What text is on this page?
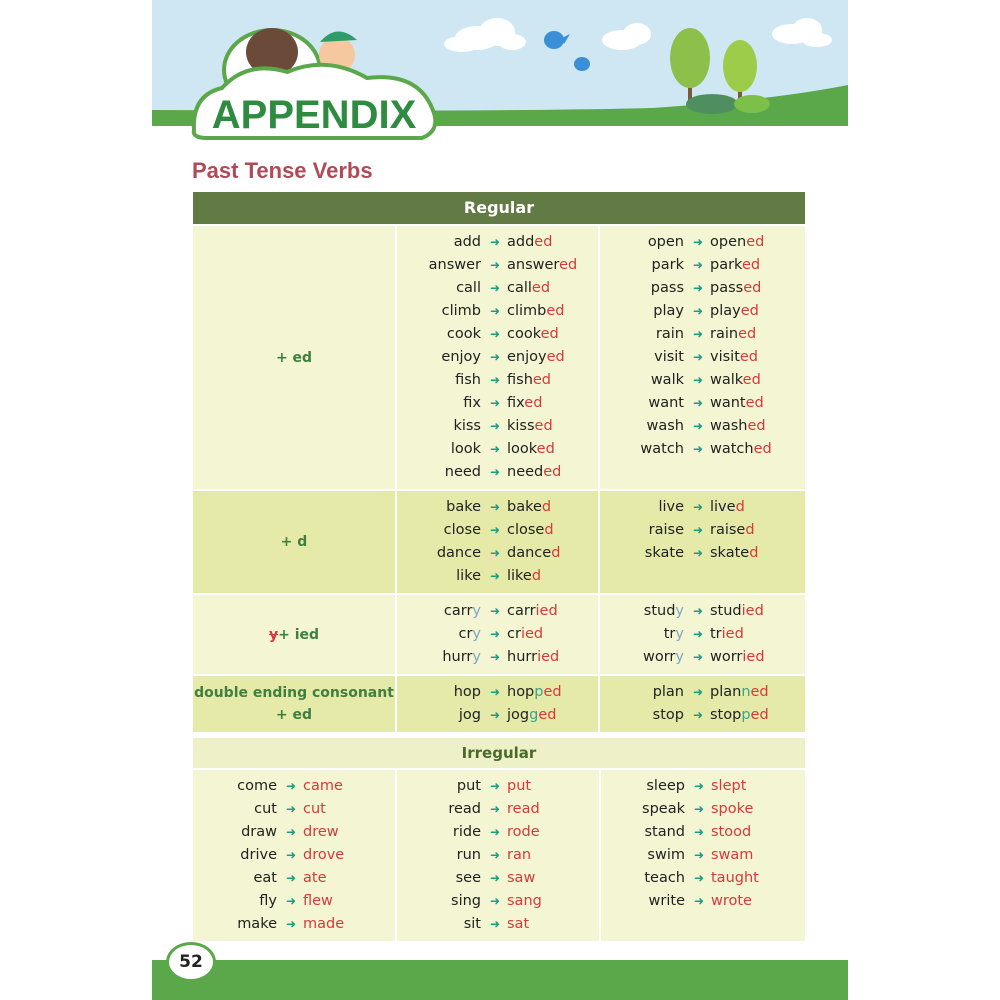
APPENDIX
Past Tense Verbs
Regular
+ ed
add ➜ added
answer ➜ answered
call ➜ called
climb ➜ climbed
cook ➜ cooked
enjoy ➜ enjoyed
fish ➜ fished
fix ➜ fixed
kiss ➜ kissed
look ➜ looked
need ➜ needed
open ➜ opened
park ➜ parked
pass ➜ passed
play ➜ played
rain ➜ rained
visit ➜ visited
walk ➜ walked
want ➜ wanted
wash ➜ washed
watch ➜ watched
+ d
bake ➜ baked
close ➜ closed
dance ➜ danced
like ➜ liked
live ➜ lived
raise ➜ raised
skate ➜ skated
y+ ied
carry ➜ carried
cry ➜ cried
hurry ➜ hurried
study ➜ studied
try ➜ tried
worry ➜ worried
double ending consonant
+ ed
hop ➜ hopped
jog ➜ jogged
plan ➜ planned
stop ➜ stopped
Irregular
come ➜ came
cut ➜ cut
draw ➜ drew
drive ➜ drove
eat ➜ ate
fly ➜ flew
make ➜ made
put ➜ put
read ➜ read
ride ➜ rode
run ➜ ran
see ➜ saw
sing ➜ sang
sit ➜ sat
sleep ➜ slept
speak ➜ spoke
stand ➜ stood
swim ➜ swam
teach ➜ taught
write ➜ wrote
52
